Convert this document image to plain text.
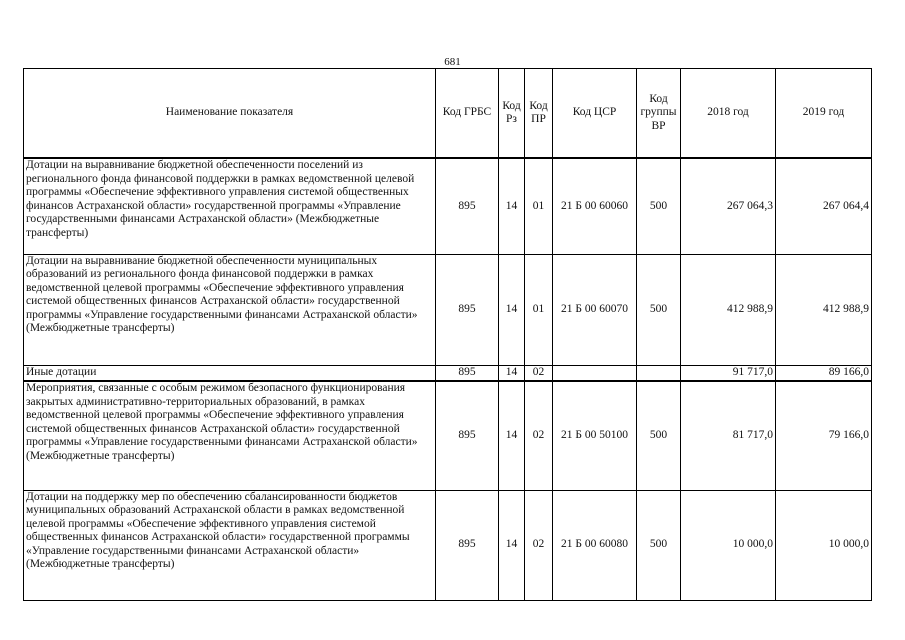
681
Наименование показателя	Код ГРБС	Код Рз	Код ПР	Код ЦСР	Код группы ВР	2018 год	2019 год
Дотации на выравнивание бюджетной обеспеченности поселений из регионального фонда финансовой поддержки в рамках ведомственной целевой программы «Обеспечение эффективного управления системой общественных финансов Астраханской области» государственной программы «Управление государственными финансами Астраханской области» (Межбюджетные трансферты)	895	14	01	21 Б 00 60060	500	267 064,3	267 064,4
Дотации на выравнивание бюджетной обеспеченности муниципальных образований из регионального фонда финансовой поддержки в рамках ведомственной целевой программы «Обеспечение эффективного управления системой общественных финансов Астраханской области» государственной программы «Управление государственными финансами Астраханской области» (Межбюджетные трансферты)	895	14	01	21 Б 00 60070	500	412 988,9	412 988,9
Иные дотации	895	14	02			91 717,0	89 166,0
Мероприятия, связанные с особым режимом безопасного функционирования закрытых административно-территориальных образований, в рамках ведомственной целевой программы «Обеспечение эффективного управления системой общественных финансов Астраханской области» государственной программы «Управление государственными финансами Астраханской области» (Межбюджетные трансферты)	895	14	02	21 Б 00 50100	500	81 717,0	79 166,0
Дотации на поддержку мер по обеспечению сбалансированности бюджетов муниципальных образований Астраханской области в рамках ведомственной целевой программы «Обеспечение эффективного управления системой общественных финансов Астраханской области» государственной программы «Управление государственными финансами Астраханской области» (Межбюджетные трансферты)	895	14	02	21 Б 00 60080	500	10 000,0	10 000,0
